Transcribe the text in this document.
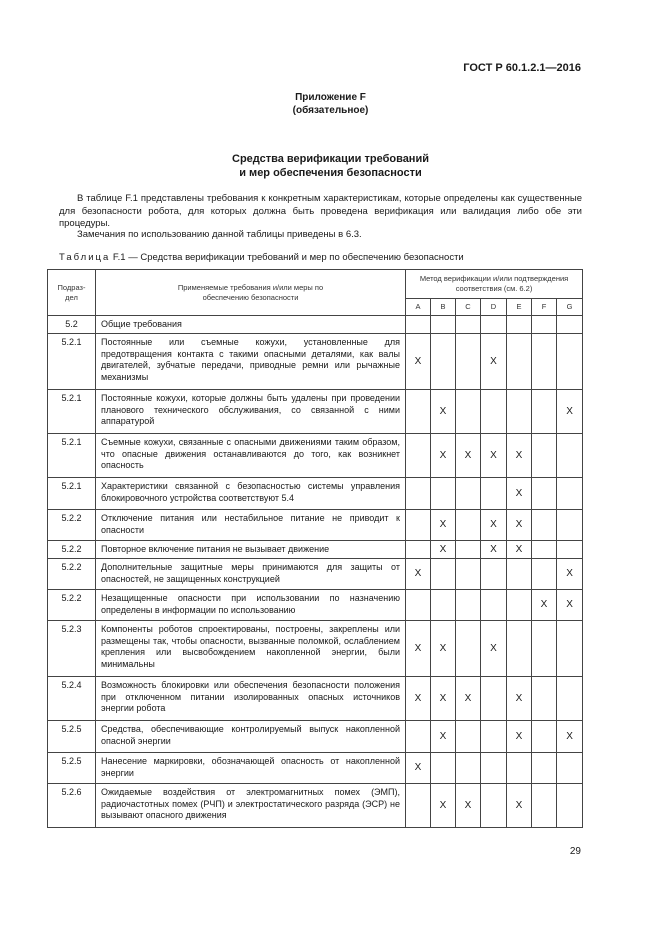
ГОСТ Р 60.1.2.1—2016
Приложение F
(обязательное)
Средства верификации требований
и мер обеспечения безопасности
В таблице F.1 представлены требования к конкретным характеристикам, которые определены как существенные для безопасности робота, для которых должна быть проведена верификация или валидация либо обе эти процедуры.
Замечания по использованию данной таблицы приведены в 6.3.
Таблица F.1 — Средства верификации требований и мер по обеспечению безопасности
Подраз-дел	Применяемые требования и/или меры по обеспечению безопасности	Метод верификации и/или подтверждения соответствия (см. 6.2)						
		A	B	C	D	E	F	G
5.2	Общие требования							
5.2.1	Постоянные или съемные кожухи, установленные для предотвращения контакта с такими опасными деталями, как валы двигателей, зубчатые передачи, приводные ремни или рычажные механизмы	X			X			
5.2.1	Постоянные кожухи, которые должны быть удалены при проведении планового технического обслуживания, со связанной с ними аппаратурой		X					X
5.2.1	Съемные кожухи, связанные с опасными движениями таким образом, что опасные движения останавливаются до того, как возникнет опасность		X	X	X	X		
5.2.1	Характеристики связанной с безопасностью системы управления блокировочного устройства соответствуют 5.4					X		
5.2.2	Отключение питания или нестабильное питание не приводит к опасности		X		X	X		
5.2.2	Повторное включение питания не вызывает движение		X		X	X		
5.2.2	Дополнительные защитные меры принимаются для защиты от опасностей, не защищенных конструкцией	X						X
5.2.2	Незащищенные опасности при использовании по назначению определены в информации по использованию						X	X
5.2.3	Компоненты роботов спроектированы, построены, закреплены или размещены так, чтобы опасности, вызванные поломкой, ослаблением крепления или высвобождением накопленной энергии, были минимальны	X	X		X			
5.2.4	Возможность блокировки или обеспечения безопасности положения при отключенном питании изолированных опасных источников энергии робота	X	X	X		X		
5.2.5	Средства, обеспечивающие контролируемый выпуск накопленной опасной энергии		X			X		X
5.2.5	Нанесение маркировки, обозначающей опасность от накопленной энергии	X						
5.2.6	Ожидаемые воздействия от электромагнитных помех (ЭМП), радиочастотных помех (РЧП) и электростатического разряда (ЭСР) не вызывают опасного движения		X	X		X		
29
